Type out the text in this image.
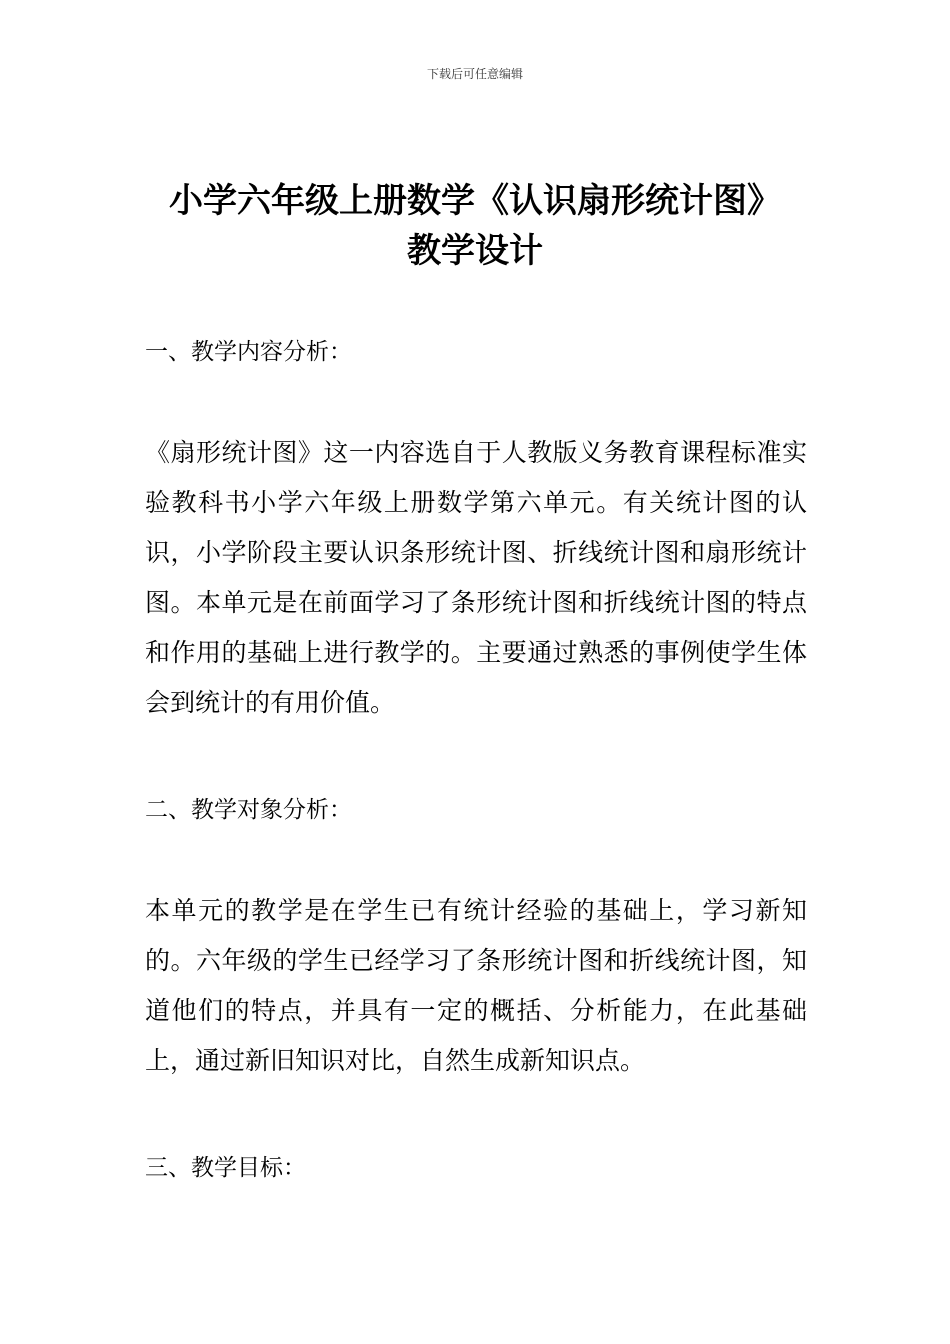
下载后可任意编辑
小学六年级上册数学《认识扇形统计图》
教学设计

一、教学内容分析：

《扇形统计图》这一内容选自于人教版义务教育课程标准实验教科书小学六年级上册数学第六单元。有关统计图的认识，小学阶段主要认识条形统计图、折线统计图和扇形统计图。本单元是在前面学习了条形统计图和折线统计图的特点和作用的基础上进行教学的。主要通过熟悉的事例使学生体会到统计的有用价值。

二、教学对象分析：

本单元的教学是在学生已有统计经验的基础上，学习新知的。六年级的学生已经学习了条形统计图和折线统计图，知道他们的特点，并具有一定的概括、分析能力，在此基础上，通过新旧知识对比，自然生成新知识点。

三、教学目标：
